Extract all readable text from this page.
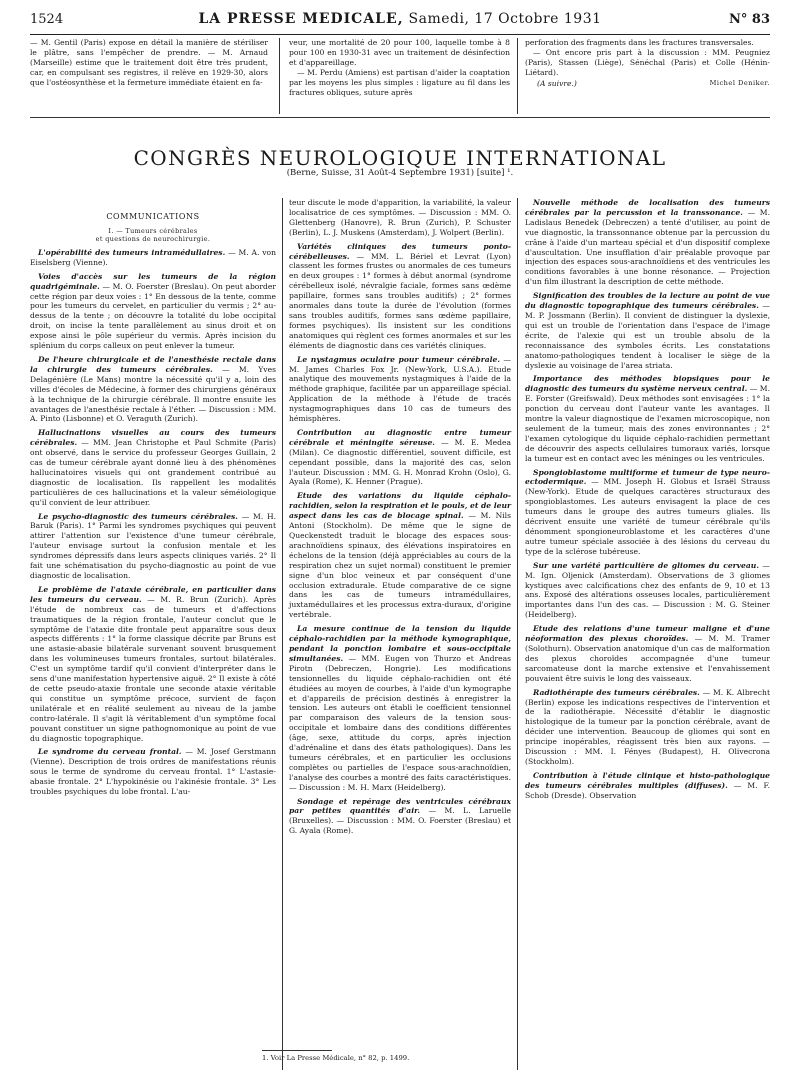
1524	LA PRESSE MEDICALE, Samedi, 17 Octobre 1931	N° 83

— M. Gentil (Paris) expose en détail la manière de stériliser le plâtre, sans l'empêcher de prendre. — M. Arnaud (Marseille) estime que le traitement doit être très prudent, car, en compulsant ses registres, il relève en 1929-30, alors que l'ostéosynthèse et la fermeture immédiate étaient en fa-

veur, une mortalité de 20 pour 100, laquelle tombe à 8 pour 100 en 1930-31 avec un traitement de désinfection et d'appareillage.

— M. Perdu (Amiens) est partisan d'aider la coaptation par les moyens les plus simples : ligature au fil dans les fractures obliques, suture après

perforation des fragments dans les fractures transversales.

— Ont encore pris part à la discussion : MM. Peugniez (Paris), Stassen (Liège), Sénéchal (Paris) et Colle (Hénin-Liétard).

(A suivre.)	Michel Deniker.
CONGRÈS NEUROLOGIQUE INTERNATIONAL
(Berne, Suisse, 31 Août-4 Septembre 1931) [suite] ¹.
COMMUNICATIONS
I. — Tumeurs cérébrales
et questions de neurochirurgie.

L'opérabilité des tumeurs intramédullaires. — M. A. von Eiselsberg (Vienne).

Voies d'accès sur les tumeurs de la région quadrigéminale. — M. O. Foerster (Breslau). On peut aborder cette région par deux voies : 1° En dessous de la tente, comme pour les tumeurs du cervelet, en particulier du vermis ; 2° au-dessus de la tente ; on découvre la totalité du lobe occipital droit, on incise la tente parallèlement au sinus droit et on expose ainsi le pôle supérieur du vermis. Après incision du splénium du corps calleux on peut enlever la tumeur.

De l'heure chirurgicale et de l'anesthésie rectale dans la chirurgie des tumeurs cérébrales. — M. Yves Delagénière (Le Mans) montre la nécessité qu'il y a, loin des villes d'écoles de Médecine, à former des chirurgiens généraux à la technique de la chirurgie cérébrale. Il montre ensuite les avantages de l'anesthésie rectale à l'éther. — Discussion : MM. A. Pinto (Lisbonne) et O. Veraguth (Zurich).

Hallucinations visuelles au cours des tumeurs cérébrales. — MM. Jean Christophe et Paul Schmite (Paris) ont observé, dans le service du professeur Georges Guillain, 2 cas de tumeur cérébrale ayant donné lieu à des phénomènes hallucinatoires visuels qui ont grandement contribué au diagnostic de localisation. Ils rappellent les modalités particulières de ces hallucinations et la valeur séméiologique qu'il convient de leur attribuer.

Le psycho-diagnostic des tumeurs cérébrales. — M. H. Baruk (Paris). 1° Parmi les syndromes psychiques qui peuvent attirer l'attention sur l'existence d'une tumeur cérébrale, l'auteur envisage surtout la confusion mentale et les syndromes dépressifs dans leurs aspects cliniques variés. 2° Il fait une schématisation du psycho-diagnostic au point de vue diagnostic de localisation.

Le problème de l'ataxie cérébrale, en particulier dans les tumeurs du cerveau. — M. R. Brun (Zurich). Après l'étude de nombreux cas de tumeurs et d'affections traumatiques de la région frontale, l'auteur conclut que le symptôme de l'ataxie dite frontale peut apparaître sous deux aspects différents : 1° la forme classique décrite par Bruns est une astasie-abasie bilatérale survenant souvent brusquement dans les volumineuses tumeurs frontales, surtout bilatérales. C'est un symptôme tardif qu'il convient d'interpréter dans le sens d'une manifestation hypertensive aiguë. 2° Il existe à côté de cette pseudo-ataxie frontale une seconde ataxie véritable qui constitue un symptôme précoce, survient de façon unilatérale et en réalité seulement au niveau de la jambe contro-latérale. Il s'agit là véritablement d'un symptôme focal pouvant constituer un signe pathognomonique au point de vue du diagnostic topographique.

Le syndrome du cerveau frontal. — M. Josef Gerstmann (Vienne). Description de trois ordres de manifestations réunis sous le terme de syndrome du cerveau frontal. 1° L'astasie-abasie frontale. 2° L'hypokinésie ou l'akinésie frontale. 3° Les troubles psychiques du lobe frontal. L'au-

teur discute le mode d'apparition, la variabilité, la valeur localisatrice de ces symptômes. — Discussion : MM. O. Glettenberg (Hanovre), R. Brun (Zurich), P. Schuster (Berlin), L. J. Muskens (Amsterdam), J. Wolpert (Berlin).

Variétés cliniques des tumeurs ponto-cérébelleuses. — MM. L. Bériel et Levrat (Lyon) classent les formes frustes ou anormales de ces tumeurs en deux groupes : 1° formes à début anormal (syndrome cérébelleux isolé, névralgie faciale, formes sans œdème papillaire, formes sans troubles auditifs) ; 2° formes anormales dans toute la durée de l'évolution (formes sans troubles auditifs, formes sans œdème papillaire, formes psychiques). Ils insistent sur les conditions anatomiques qui règlent ces formes anormales et sur les éléments de diagnostic dans ces variétés cliniques.

Le nystagmus oculaire pour tumeur cérébrale. — M. James Charles Fox Jr. (New-York, U.S.A.). Etude analytique des mouvements nystagmiques à l'aide de la méthode graphique, facilitée par un appareillage spécial. Application de la méthode à l'étude de tracés nystagmographiques dans 10 cas de tumeurs des hémisphères.

Contribution au diagnostic entre tumeur cérébrale et méningite séreuse. — M. E. Medea (Milan). Ce diagnostic différentiel, souvent difficile, est cependant possible, dans la majorité des cas, selon l'auteur. Discussion : MM. G. H. Monrad Krohn (Oslo), G. Ayala (Rome), K. Henner (Prague).

Etude des variations du liquide céphalo-rachidien, selon la respiration et le pouls, et de leur aspect dans les cas de blocage spinal. — M. Nils Antoni (Stockholm). De même que le signe de Queckenstedt traduit le blocage des espaces sous-arachnoïdiens spinaux, des élévations inspiratoires en échelons de la tension (déjà appréciables au cours de la respiration chez un sujet normal) constituent le premier signe d'un bloc veineux et par conséquent d'une occlusion extradurale. Etude comparative de ce signe dans les cas de tumeurs intramédullaires, juxtamédullaires et les processus extra-duraux, d'origine vertébrale.

La mesure continue de la tension du liquide céphalo-rachidien par la méthode kymographique, pendant la ponction lombaire et sous-occipitale simultanées. — MM. Eugen von Thurzo et Andreas Pirotn (Debreczen, Hongrie). Les modifications tensionnelles du liquide céphalo-rachidien ont été étudiées au moyen de courbes, à l'aide d'un kymographe et d'appareils de précision destinés à enregistrer la tension. Les auteurs ont établi le coefficient tensionnel par comparaison des valeurs de la tension sous-occipitale et lombaire dans des conditions différentes (âge, sexe, attitude du corps, après injection d'adrénaline et dans des états pathologiques). Dans les tumeurs cérébrales, et en particulier les occlusions complètes ou partielles de l'espace sous-arachnoïdien, l'analyse des courbes a montré des faits caractéristiques. — Discussion : M. H. Marx (Heidelberg).

Sondage et repérage des ventricules cérébraux par petites quantités d'air. — M. L. Laruelle (Bruxelles). — Discussion : MM. O. Foerster (Breslau) et G. Ayala (Rome).

1. Voir La Presse Médicale, n° 82, p. 1499.

Nouvelle méthode de localisation des tumeurs cérébrales par la percussion et la transsonance. — M. Ladislaus Benedek (Debreczen) a tenté d'utiliser, au point de vue diagnostic, la transsonnance obtenue par la percussion du crâne à l'aide d'un marteau spécial et d'un dispositif complexe d'auscultation. Une insufflation d'air préalable provoque par injection des espaces sous-arachnoïdiens et des ventricules les conditions favorables à une bonne résonance. — Projection d'un film illustrant la description de cette méthode.

Signification des troubles de la lecture au point de vue du diagnostic topographique des tumeurs cérébrales. — M. P. Jossmann (Berlin). Il convient de distinguer la dyslexie, qui est un trouble de l'orientation dans l'espace de l'image écrite, de l'alexie qui est un trouble absolu de la reconnaissance des symboles écrits. Les constatations anatomo-pathologiques tendent à localiser le siège de la dyslexie au voisinage de l'area striata.

Importance des méthodes biopsiques pour le diagnostic des tumeurs du système nerveux central. — M. E. Forster (Greifswald). Deux méthodes sont envisagées : 1° la ponction du cerveau dont l'auteur vante les avantages. Il montre la valeur diagnostique de l'examen microscopique, non seulement de la tumeur, mais des zones environnantes ; 2° l'examen cytologique du liquide céphalo-rachidien permettant de découvrir des aspects cellulaires tumoraux variés, lorsque la tumeur est en contact avec les méninges ou les ventricules.

Spongioblastome multiforme et tumeur de type neuro-ectodermique. — MM. Joseph H. Globus et Israël Strauss (New-York). Etude de quelques caractères structuraux des spongioblastomes. Les auteurs envisagent la place de ces tumeurs dans le groupe des autres tumeurs gliales. Ils décrivent ensuite une variété de tumeur cérébrale qu'ils dénomment spongioneuroblastome et les caractères d'une autre tumeur spéciale associée à des lésions du cerveau du type de la sclérose tubéreuse.

Sur une variété particulière de gliomes du cerveau. — M. Ign. Oljenick (Amsterdam). Observations de 3 gliomes kystiques avec calcifications chez des enfants de 9, 10 et 13 ans. Exposé des altérations osseuses locales, particulièrement importantes dans l'un des cas. — Discussion : M. G. Steiner (Heidelberg).

Etude des relations d'une tumeur maligne et d'une néoformation des plexus choroïdes. — M. M. Tramer (Solothurn). Observation anatomique d'un cas de malformation des plexus choroïdes accompagnée d'une tumeur sarcomateuse dont la marche extensive et l'envahissement pouvaient être suivis le long des vaisseaux.

Radiothérapie des tumeurs cérébrales. — M. K. Albrecht (Berlin) expose les indications respectives de l'intervention et de la radiothérapie. Nécessité d'établir le diagnostic histologique de la tumeur par la ponction cérébrale, avant de décider une intervention. Beaucoup de gliomes qui sont en principe inopérables, réagissent très bien aux rayons. — Discussion : MM. I. Fényes (Budapest), H. Olivecrona (Stockholm).

Contribution à l'étude clinique et histo-pathologique des tumeurs cérébrales multiples (diffuses). — M. F. Schob (Dresde). Observation
